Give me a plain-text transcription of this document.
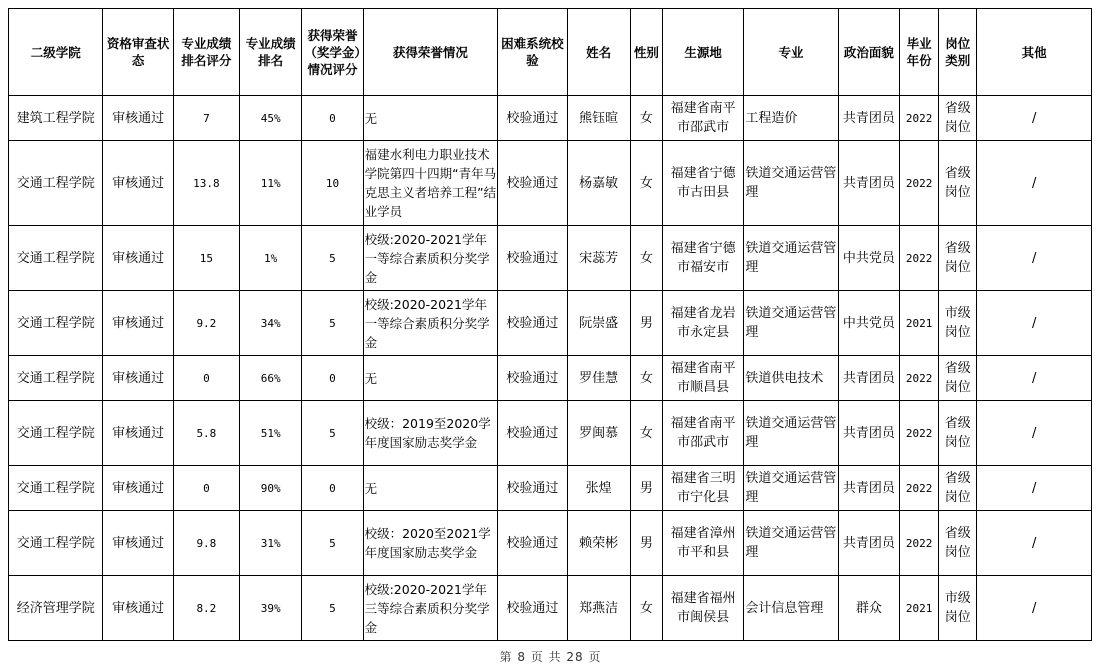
二级学院	资格审查状态	专业成绩排名评分	专业成绩排名	获得荣誉（奖学金）情况评分	获得荣誉情况	困难系统校验	姓名	性别	生源地	专业	政治面貌	毕业年份	岗位类别	其他
建筑工程学院	审核通过	7	45%	0	无	校验通过	熊钰暄	女	福建省南平市邵武市	工程造价	共青团员	2022	省级岗位	/
交通工程学院	审核通过	13.8	11%	10	福建水利电力职业技术学院第四十四期“青年马克思主义者培养工程”结业学员	校验通过	杨嘉敏	女	福建省宁德市古田县	铁道交通运营管理	共青团员	2022	省级岗位	/
交通工程学院	审核通过	15	1%	5	校级:2020-2021学年一等综合素质积分奖学金	校验通过	宋蕊芳	女	福建省宁德市福安市	铁道交通运营管理	中共党员	2022	省级岗位	/
交通工程学院	审核通过	9.2	34%	5	校级:2020-2021学年一等综合素质积分奖学金	校验通过	阮崇盛	男	福建省龙岩市永定县	铁道交通运营管理	中共党员	2021	市级岗位	/
交通工程学院	审核通过	0	66%	0	无	校验通过	罗佳慧	女	福建省南平市顺昌县	铁道供电技术	共青团员	2022	省级岗位	/
交通工程学院	审核通过	5.8	51%	5	校级：2019至2020学年度国家励志奖学金	校验通过	罗闽慕	女	福建省南平市邵武市	铁道交通运营管理	共青团员	2022	省级岗位	/
交通工程学院	审核通过	0	90%	0	无	校验通过	张煌	男	福建省三明市宁化县	铁道交通运营管理	共青团员	2022	省级岗位	/
交通工程学院	审核通过	9.8	31%	5	校级：2020至2021学年度国家励志奖学金	校验通过	赖荣彬	男	福建省漳州市平和县	铁道交通运营管理	共青团员	2022	省级岗位	/
经济管理学院	审核通过	8.2	39%	5	校级:2020-2021学年三等综合素质积分奖学金	校验通过	郑燕洁	女	福建省福州市闽侯县	会计信息管理	群众	2021	市级岗位	/
第 8 页 共 28 页
